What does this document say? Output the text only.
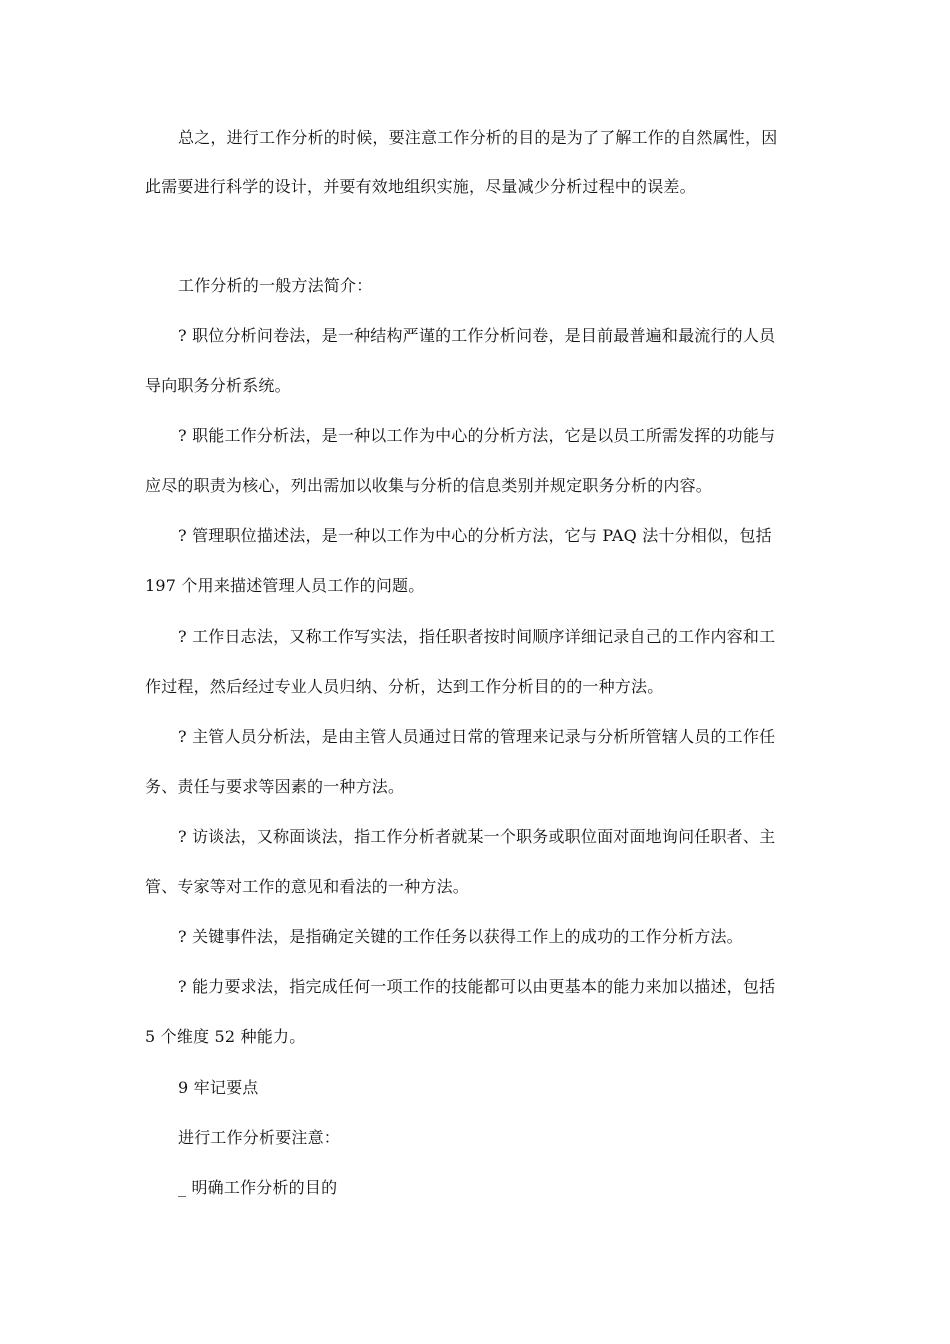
总之，进行工作分析的时候，要注意工作分析的目的是为了了解工作的自然属性，因
此需要进行科学的设计，并要有效地组织实施，尽量减少分析过程中的误差。
工作分析的一般方法简介：
? 职位分析问卷法，是一种结构严谨的工作分析问卷，是目前最普遍和最流行的人员
导向职务分析系统。
? 职能工作分析法，是一种以工作为中心的分析方法，它是以员工所需发挥的功能与
应尽的职责为核心，列出需加以收集与分析的信息类别并规定职务分析的内容。
? 管理职位描述法，是一种以工作为中心的分析方法，它与 PAQ 法十分相似，包括
197 个用来描述管理人员工作的问题。
? 工作日志法，又称工作写实法，指任职者按时间顺序详细记录自己的工作内容和工
作过程，然后经过专业人员归纳、分析，达到工作分析目的的一种方法。
? 主管人员分析法，是由主管人员通过日常的管理来记录与分析所管辖人员的工作任
务、责任与要求等因素的一种方法。
? 访谈法，又称面谈法，指工作分析者就某一个职务或职位面对面地询问任职者、主
管、专家等对工作的意见和看法的一种方法。
? 关键事件法，是指确定关键的工作任务以获得工作上的成功的工作分析方法。
? 能力要求法，指完成任何一项工作的技能都可以由更基本的能力来加以描述，包括
5 个维度 52 种能力。
9 牢记要点
进行工作分析要注意：
_ 明确工作分析的目的
